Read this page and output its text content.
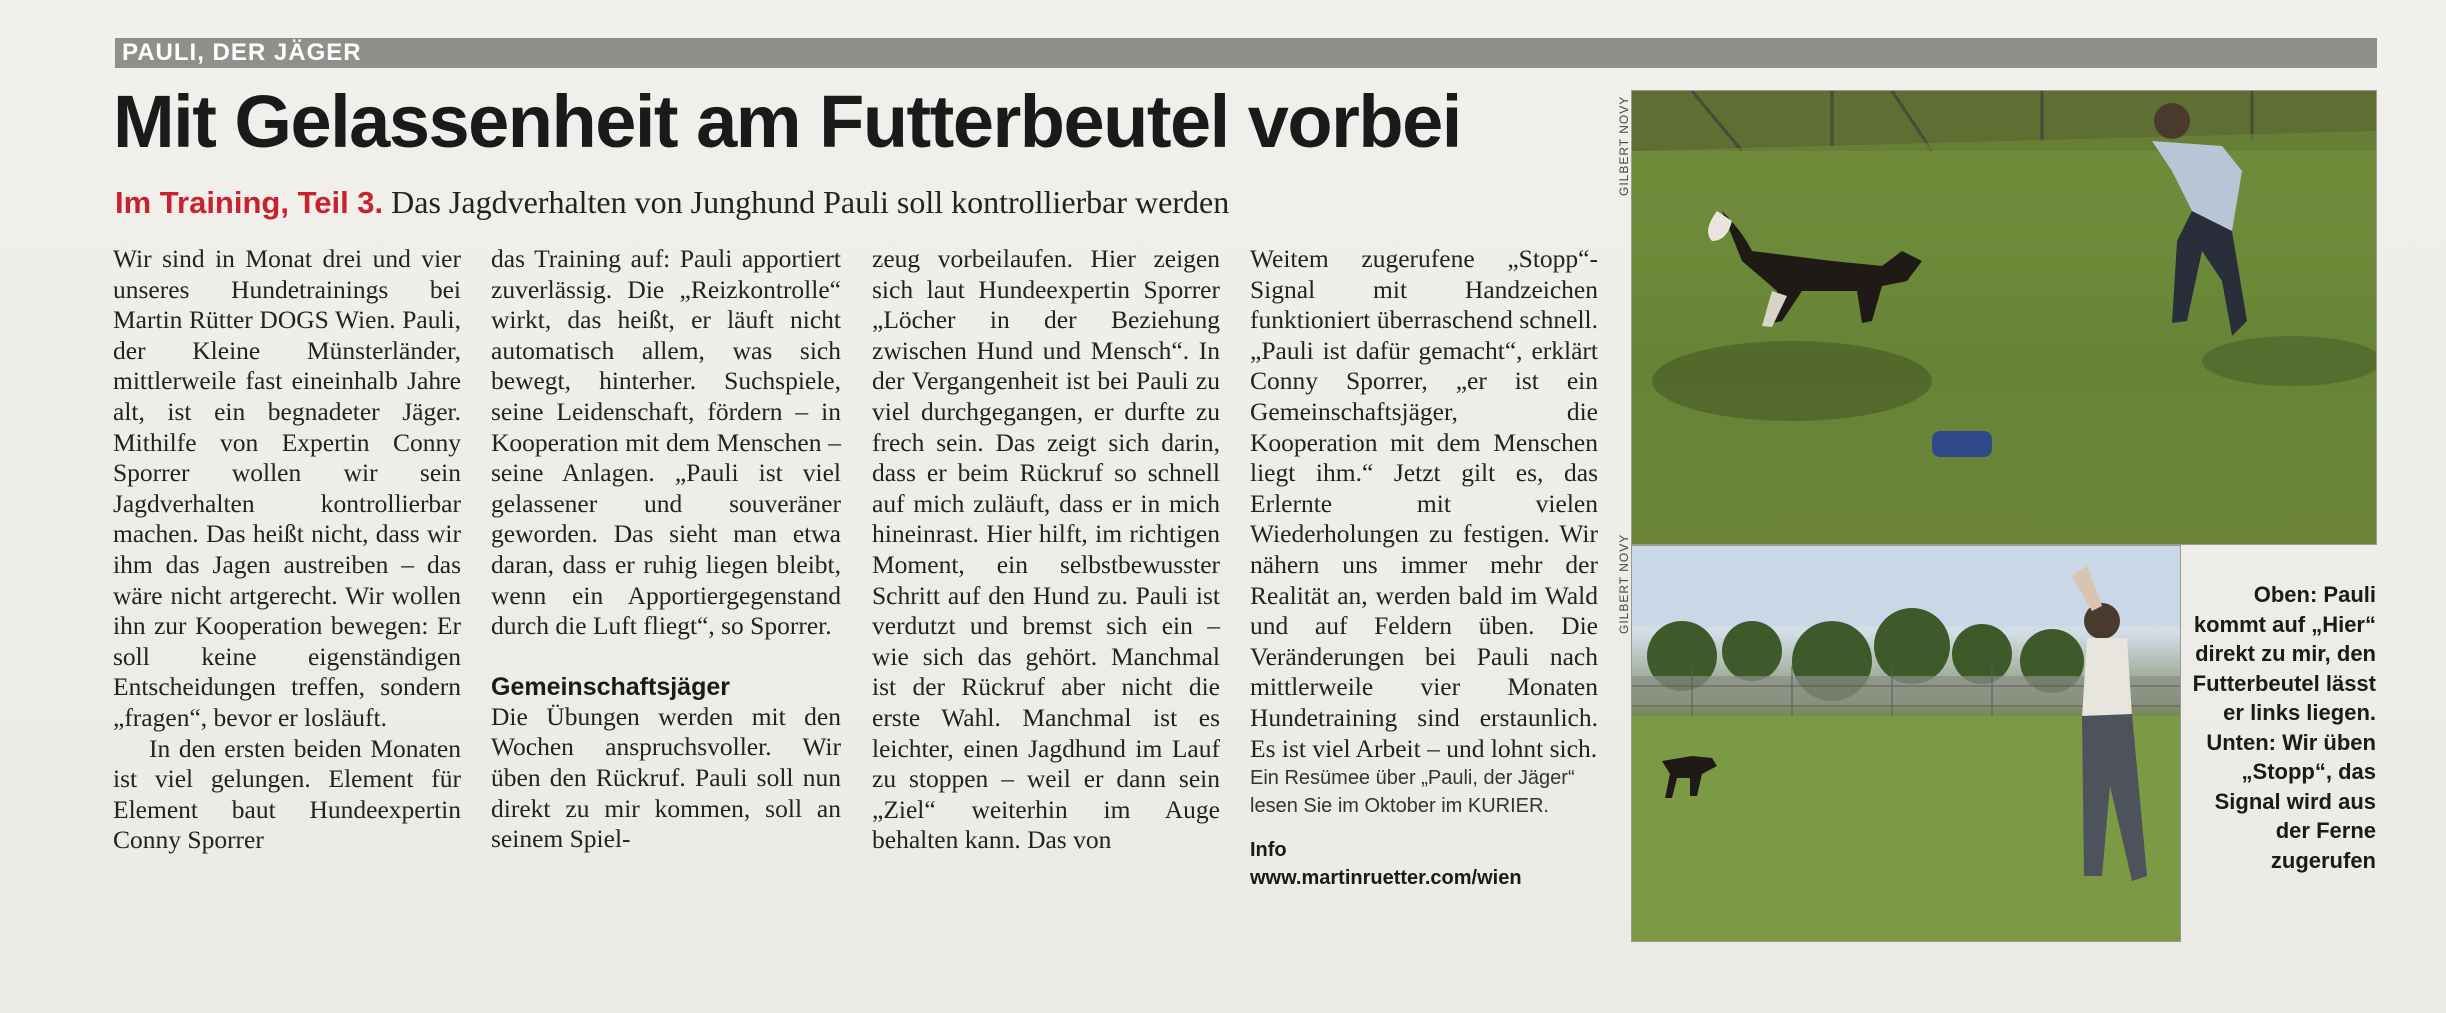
PAULI, DER JÄGER
Mit Gelassenheit am Futterbeutel vorbei
Im Training, Teil 3. Das Jagdverhalten von Junghund Pauli soll kontrollierbar werden

Wir sind in Monat drei und vier unseres Hundetrainings bei Martin Rütter DOGS Wien. Pauli, der Kleine Münsterländer, mittlerweile fast eineinhalb Jahre alt, ist ein begnadeter Jäger. Mithilfe von Expertin Conny Sporrer wollen wir sein Jagdverhalten kontrollierbar machen. Das heißt nicht, dass wir ihm das Jagen austreiben – das wäre nicht artgerecht. Wir wollen ihn zur Kooperation bewegen: Er soll keine eigenständigen Entscheidungen treffen, sondern „fragen“, bevor er losläuft.

In den ersten beiden Monaten ist viel gelungen. Element für Element baut Hundeexpertin Conny Sporrer

das Training auf: Pauli apportiert zuverlässig. Die „Reizkontrolle“ wirkt, das heißt, er läuft nicht automatisch allem, was sich bewegt, hinterher. Suchspiele, seine Leidenschaft, fördern – in Kooperation mit dem Menschen – seine Anlagen. „Pauli ist viel gelassener und souveräner geworden. Das sieht man etwa daran, dass er ruhig liegen bleibt, wenn ein Apportiergegenstand durch die Luft fliegt“, so Sporrer.

Gemeinschaftsjäger

Die Übungen werden mit den Wochen anspruchsvoller. Wir üben den Rückruf. Pauli soll nun direkt zu mir kommen, soll an seinem Spiel-

zeug vorbeilaufen. Hier zeigen sich laut Hundeexpertin Sporrer „Löcher in der Beziehung zwischen Hund und Mensch“. In der Vergangenheit ist bei Pauli zu viel durchgegangen, er durfte zu frech sein. Das zeigt sich darin, dass er beim Rückruf so schnell auf mich zuläuft, dass er in mich hineinrast. Hier hilft, im richtigen Moment, ein selbstbewusster Schritt auf den Hund zu. Pauli ist verdutzt und bremst sich ein – wie sich das gehört. Manchmal ist der Rückruf aber nicht die erste Wahl. Manchmal ist es leichter, einen Jagdhund im Lauf zu stoppen – weil er dann sein „Ziel“ weiterhin im Auge behalten kann. Das von

Weitem zugerufene „Stopp“-Signal mit Handzeichen funktioniert überraschend schnell. „Pauli ist dafür gemacht“, erklärt Conny Sporrer, „er ist ein Gemeinschaftsjäger, die Kooperation mit dem Menschen liegt ihm.“ Jetzt gilt es, das Erlernte mit vielen Wiederholungen zu festigen. Wir nähern uns immer mehr der Realität an, werden bald im Wald und auf Feldern üben. Die Veränderungen bei Pauli nach mittlerweile vier Monaten Hundetraining sind erstaunlich. Es ist viel Arbeit – und lohnt sich.

Ein Resümee über „Pauli, der Jäger“ lesen Sie im Oktober im KURIER.

Info

www.martinruetter.com/wien

GILBERT NOVY
GILBERT NOVY	Oben: Pauli kommt auf „Hier“ direkt zu mir, den Futterbeutel lässt er links liegen. Unten: Wir üben „Stopp“, das Signal wird aus der Ferne zugerufen
